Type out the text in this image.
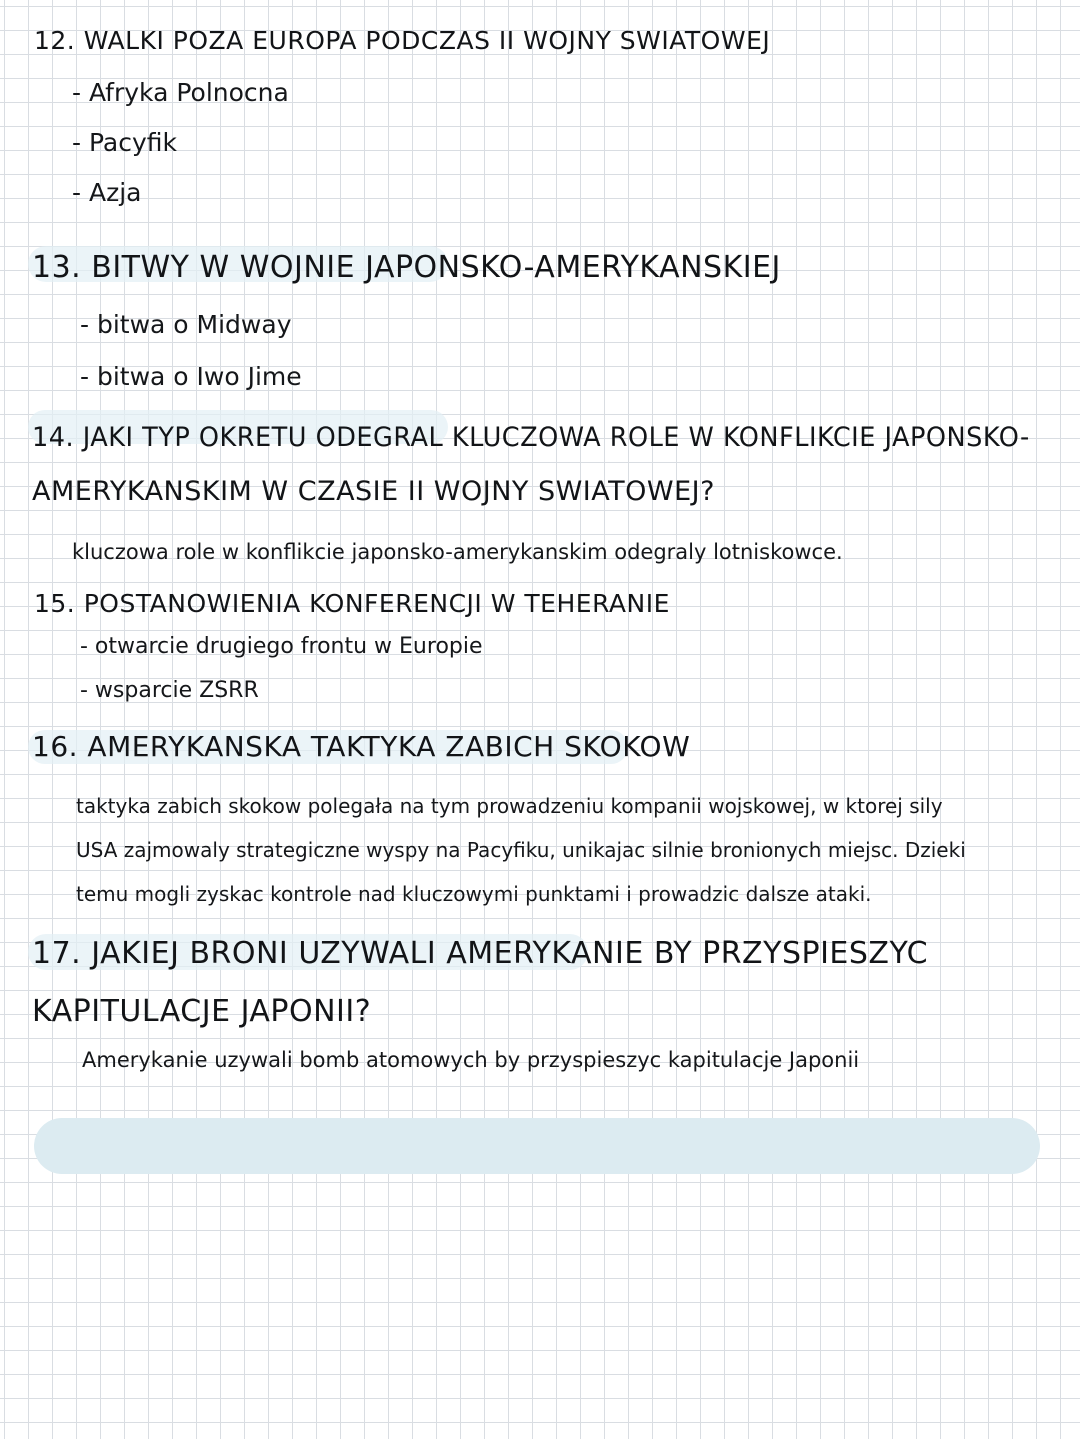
12. WALKI POZA EUROPA PODCZAS II WOJNY SWIATOWEJ
- Afryka Polnocna
- Pacyfik
- Azja
13. BITWY W WOJNIE JAPONSKO-AMERYKANSKIEJ
- bitwa o Midway
- bitwa o Iwo Jime
14. JAKI TYP OKRETU ODEGRAL KLUCZOWA ROLE W KONFLIKCIE JAPONSKO-
AMERYKANSKIM W CZASIE II WOJNY SWIATOWEJ?
kluczowa role w konflikcie japonsko-amerykanskim odegraly lotniskowce.
15. POSTANOWIENIA KONFERENCJI W TEHERANIE
- otwarcie drugiego frontu w Europie
- wsparcie ZSRR
16. AMERYKANSKA TAKTYKA ZABICH SKOKOW
taktyka zabich skokow polegała na tym prowadzeniu kompanii wojskowej, w ktorej sily
USA zajmowaly strategiczne wyspy na Pacyfiku, unikajac silnie bronionych miejsc. Dzieki
temu mogli zyskac kontrole nad kluczowymi punktami i prowadzic dalsze ataki.
17. JAKIEJ BRONI UZYWALI AMERYKANIE BY PRZYSPIESZYC
KAPITULACJE JAPONII?
Amerykanie uzywali bomb atomowych by przyspieszyc kapitulacje Japonii
